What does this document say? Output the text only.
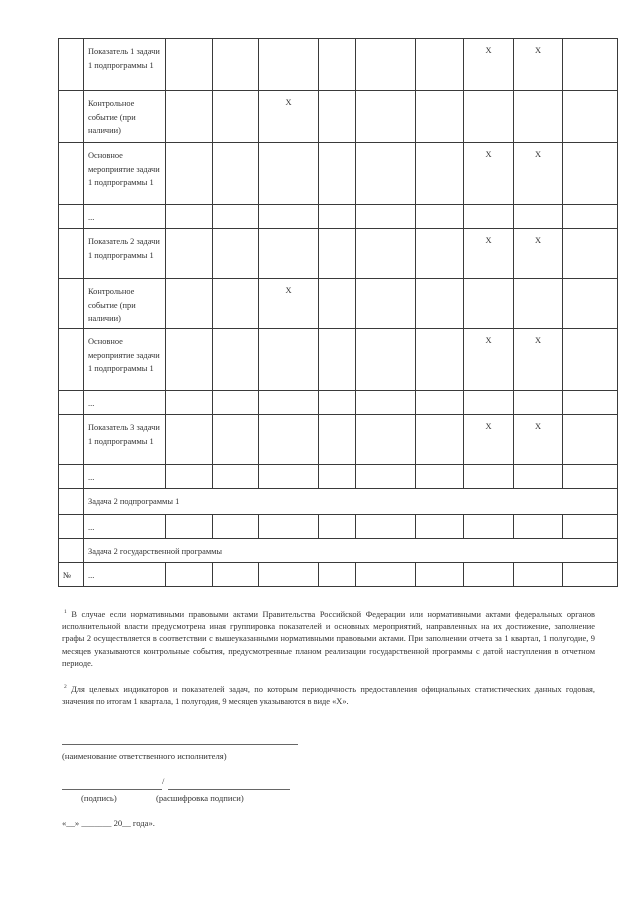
	Показатель 1 задачи 1 подпрограммы 1							X	X	
	Контрольное событие (при наличии)			X						
	Основное мероприятие задачи 1 подпрограммы 1							X	X	
	...									
	Показатель 2 задачи 1 подпрограммы 1							X	X	
	Контрольное событие (при наличии)			X						
	Основное мероприятие задачи 1 подпрограммы 1							X	X	
	...									
	Показатель 3 задачи 1 подпрограммы 1							X	X	
	...									
	Задача 2 подпрограммы 1									
	...									
	Задача 2 государственной программы									
№	...									

$^1$ В случае если нормативными правовыми актами Правительства Российской Федерации или нормативными актами федеральных органов исполнительной власти предусмотрена иная группировка показателей и основных мероприятий, направленных на их достижение, заполнение графы 2 осуществляется в соответствии с вышеуказанными нормативными правовыми актами. При заполнении отчета за 1 квартал, 1 полугодие, 9 месяцев указываются контрольные события, предусмотренные планом реализации государственной программы с датой наступления в отчетном периоде.

$^2$ Для целевых индикаторов и показателей задач, по которым периодичность предоставления официальных статистических данных годовая, значения по итогам 1 квартала, 1 полугодия, 9 месяцев указываются в виде «Х».

(наименование ответственного исполнителя)
/
(подпись)	(расшифровка подписи)
«__» _______ 20__ года».
